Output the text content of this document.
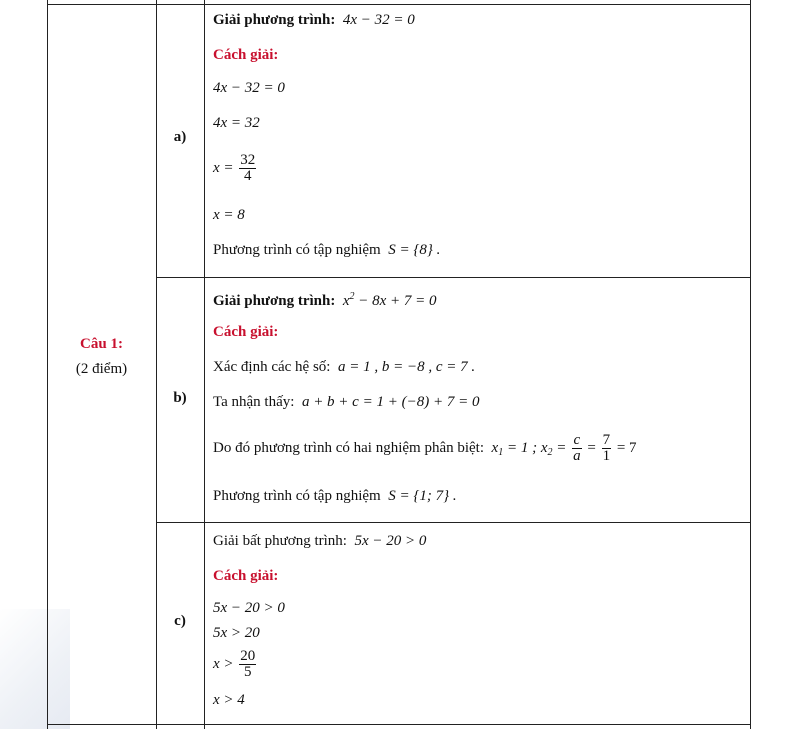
Câu 1:
(2 điểm)
a)
Giải phương trình: 4x − 32 = 0
Cách giải:
4x − 32 = 0
4x = 32
$x = \frac{32}{4}$
x = 8
Phương trình có tập nghiệm S = {8} .
b)
Giải phương trình: $x^2 - 8x + 7 = 0$
Cách giải:
Xác định các hệ số: a = 1 , b = −8 , c = 7 .
Ta nhận thấy: a + b + c = 1 + (−8) + 7 = 0
Do đó phương trình có hai nghiệm phân biệt: $x_1 = 1$ ; $x_2 = \frac{c}{a} = \frac{7}{1} = 7$
Phương trình có tập nghiệm S = {1; 7} .
c)
Giải bất phương trình: 5x − 20 > 0
Cách giải:
5x − 20 > 0
5x > 20
$x > \frac{20}{5}$
x > 4
